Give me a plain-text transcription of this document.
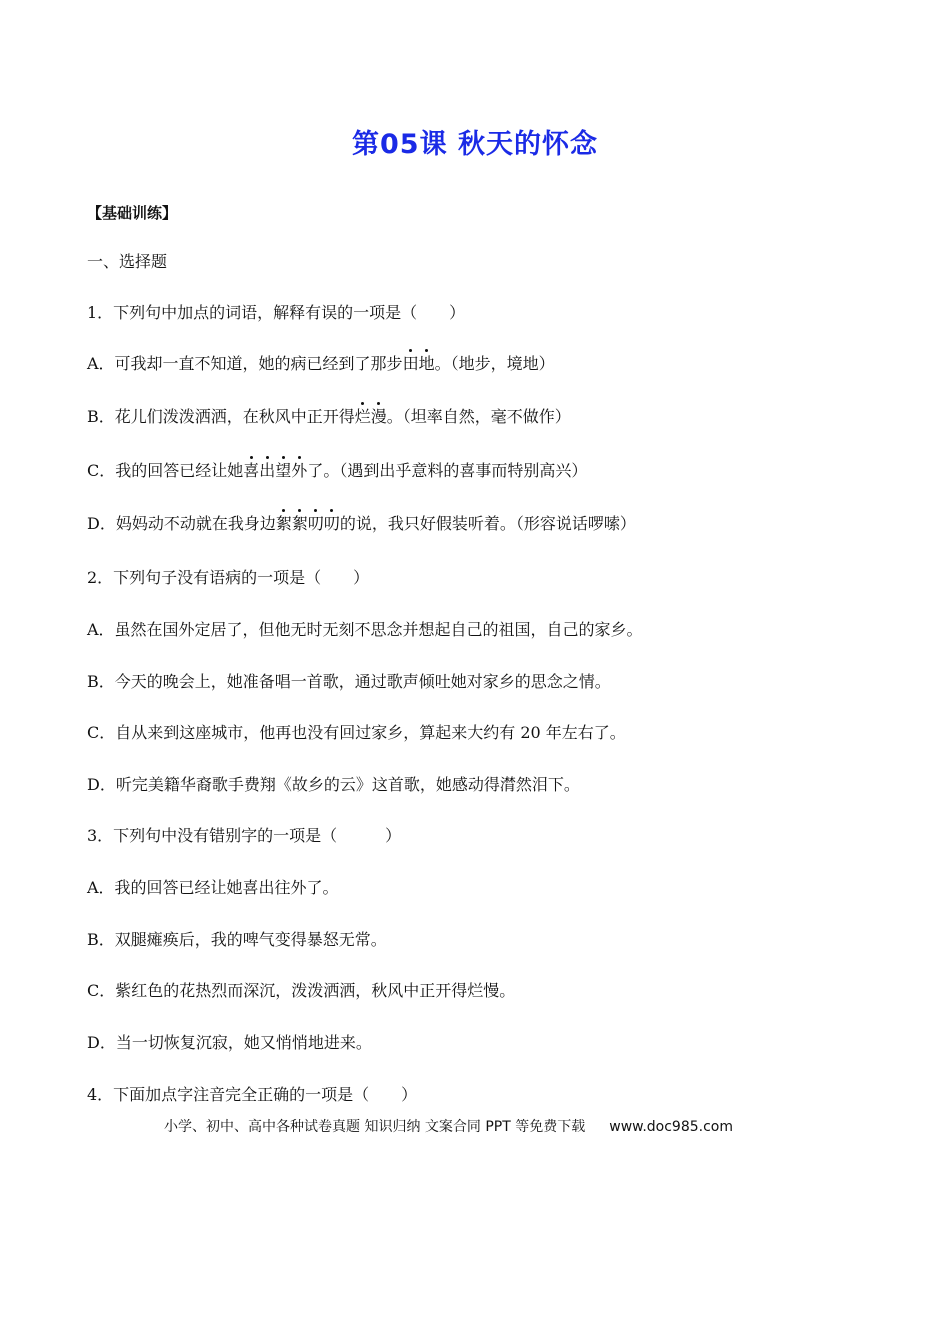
第05课 秋天的怀念
【基础训练】
一、选择题
1．下列句中加点的词语，解释有误的一项是（　　）
A．可我却一直不知道，她的病已经到了那步田地。（地步，境地）
B．花儿们泼泼洒洒，在秋风中正开得烂漫。（坦率自然，毫不做作）
C．我的回答已经让她喜出望外了。（遇到出乎意料的喜事而特别高兴）
D．妈妈动不动就在我身边絮絮叨叨的说，我只好假装听着。（形容说话啰嗦）
2．下列句子没有语病的一项是（　　）
A．虽然在国外定居了，但他无时无刻不思念并想起自己的祖国，自己的家乡。
B．今天的晚会上，她准备唱一首歌，通过歌声倾吐她对家乡的思念之情。
C．自从来到这座城市，他再也没有回过家乡，算起来大约有 20 年左右了。
D．听完美籍华裔歌手费翔《故乡的云》这首歌，她感动得潸然泪下。
3．下列句中没有错别字的一项是（　　　）
A．我的回答已经让她喜出往外了。
B．双腿瘫痪后，我的啤气变得暴怒无常。
C．紫红色的花热烈而深沉，泼泼洒洒，秋风中正开得烂慢。
D．当一切恢复沉寂，她又悄悄地进来。
4．下面加点字注音完全正确的一项是（　　）
小学、初中、高中各种试卷真题 知识归纳 文案合同 PPT 等免费下载 www.doc985.com
